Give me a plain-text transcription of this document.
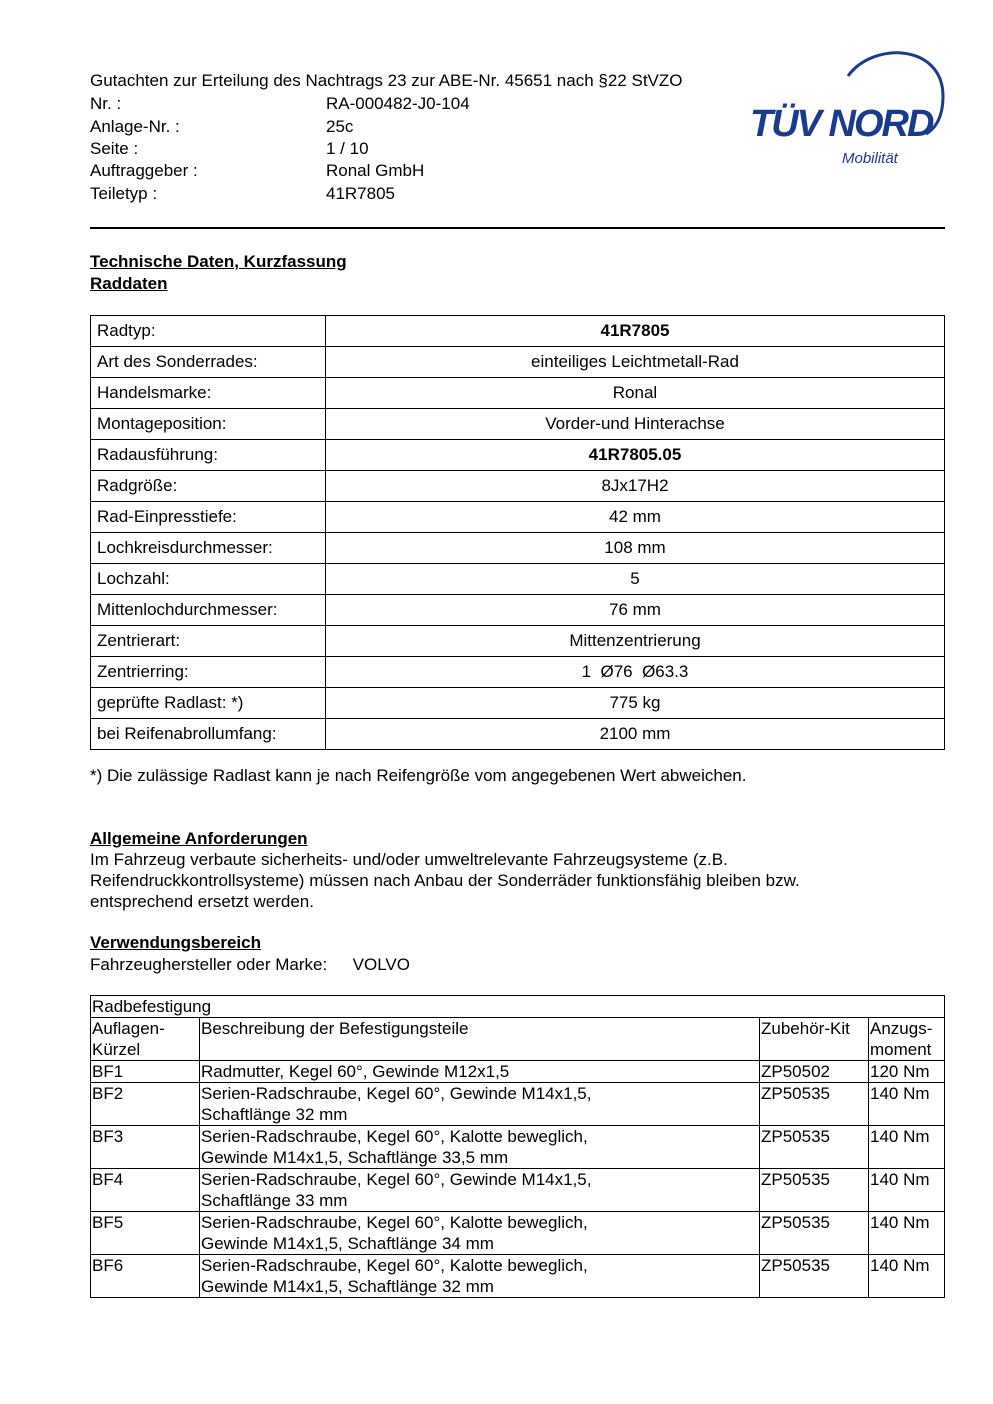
Gutachten zur Erteilung des Nachtrags 23 zur ABE-Nr. 45651 nach §22 StVZO
Nr. :	RA-000482-J0-104
Anlage-Nr. :	25c
Seite :	1 / 10
Auftraggeber :	Ronal GmbH
Teiletyp :	41R7805
TÜV NORD
Mobilität
Technische Daten, Kurzfassung
Raddaten
Radtyp:	41R7805
Art des Sonderrades:	einteiliges Leichtmetall-Rad
Handelsmarke:	Ronal
Montageposition:	Vorder-und Hinterachse
Radausführung:	41R7805.05
Radgröße:	8Jx17H2
Rad-Einpresstiefe:	42 mm
Lochkreisdurchmesser:	108 mm
Lochzahl:	5
Mittenlochdurchmesser:	76 mm
Zentrierart:	Mittenzentrierung
Zentrierring:	1  Ø76  Ø63.3
geprüfte Radlast: *)	775 kg
bei Reifenabrollumfang:	2100 mm
*) Die zulässige Radlast kann je nach Reifengröße vom angegebenen Wert abweichen.
Allgemeine Anforderungen
Im Fahrzeug verbaute sicherheits- und/oder umweltrelevante Fahrzeugsysteme (z.B. Reifendruckkontrollsysteme) müssen nach Anbau der Sonderräder funktionsfähig bleiben bzw. entsprechend ersetzt werden.
Verwendungsbereich
Fahrzeughersteller oder Marke: VOLVO
Radbefestigung			
Auflagen-
Kürzel	Beschreibung der Befestigungsteile	Zubehör-Kit	Anzugs-
moment
BF1	Radmutter, Kegel 60°, Gewinde M12x1,5	ZP50502	120 Nm
BF2	Serien-Radschraube, Kegel 60°, Gewinde M14x1,5,
Schaftlänge 32 mm	ZP50535	140 Nm
BF3	Serien-Radschraube, Kegel 60°, Kalotte beweglich,
Gewinde M14x1,5, Schaftlänge 33,5 mm	ZP50535	140 Nm
BF4	Serien-Radschraube, Kegel 60°, Gewinde M14x1,5,
Schaftlänge 33 mm	ZP50535	140 Nm
BF5	Serien-Radschraube, Kegel 60°, Kalotte beweglich,
Gewinde M14x1,5, Schaftlänge 34 mm	ZP50535	140 Nm
BF6	Serien-Radschraube, Kegel 60°, Kalotte beweglich,
Gewinde M14x1,5, Schaftlänge 32 mm	ZP50535	140 Nm
